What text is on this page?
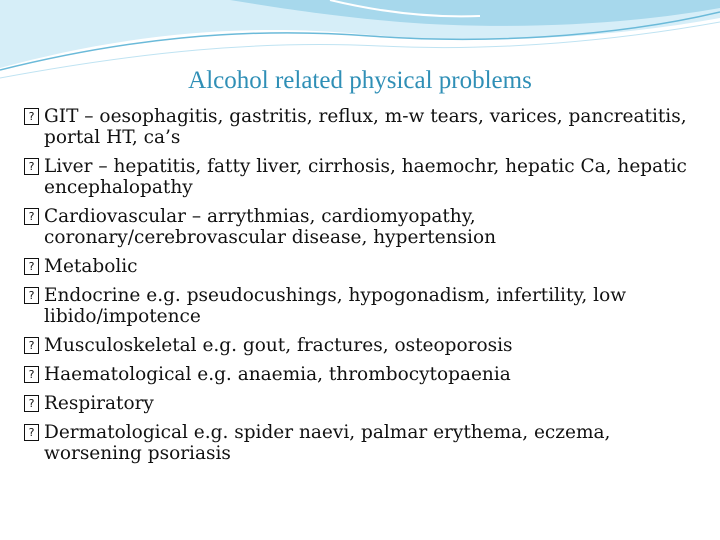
Alcohol related physical problems
? GIT – oesophagitis, gastritis, reflux, m-w tears, varices, pancreatitis, portal HT, ca’s
? Liver – hepatitis, fatty liver, cirrhosis, haemochr, hepatic Ca, hepatic encephalopathy
? Cardiovascular – arrythmias, cardiomyopathy, coronary/cerebrovascular disease, hypertension
? Metabolic
? Endocrine e.g. pseudocushings, hypogonadism, infertility, low libido/impotence
? Musculoskeletal e.g. gout, fractures, osteoporosis
? Haematological e.g. anaemia, thrombocytopaenia
? Respiratory
? Dermatological e.g. spider naevi, palmar erythema, eczema, worsening psoriasis
